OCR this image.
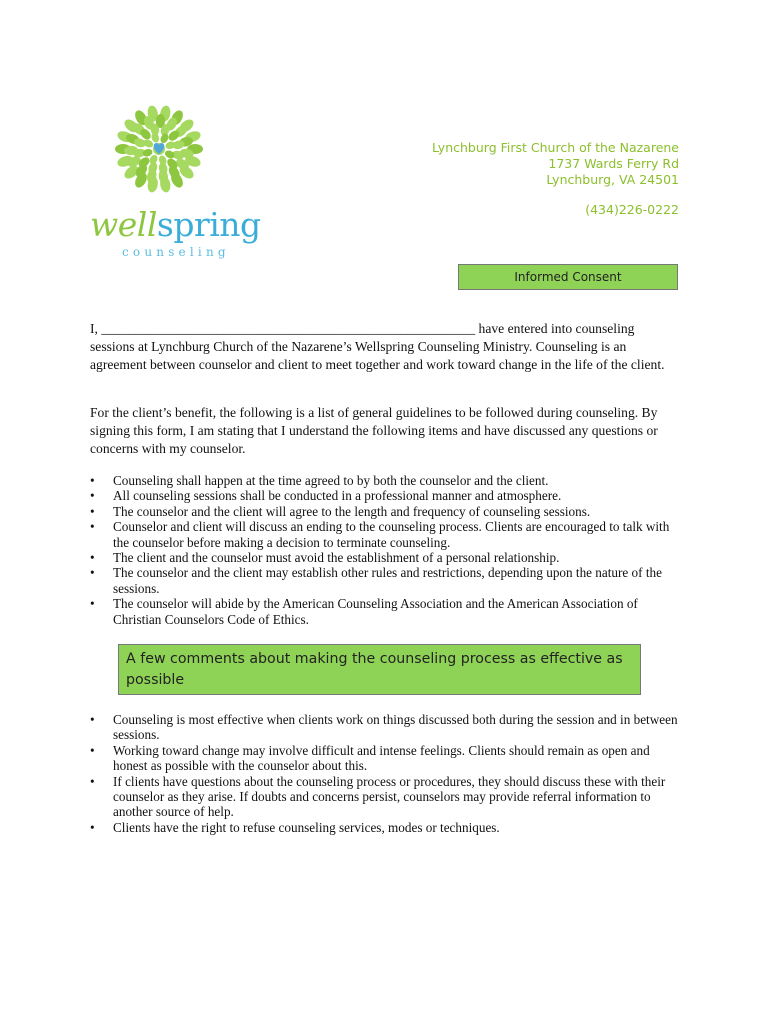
wellspring
counseling
Lynchburg First Church of the Nazarene
1737 Wards Ferry Rd
Lynchburg, VA 24501
(434)226-0222
Informed Consent
I, _______________________________________________________ have entered into counseling sessions at Lynchburg Church of the Nazarene’s Wellspring Counseling Ministry. Counseling is an agreement between counselor and client to meet together and work toward change in the life of the client.
For the client’s benefit, the following is a list of general guidelines to be followed during counseling. By signing this form, I am stating that I understand the following items and have discussed any questions or concerns with my counselor.
• Counseling shall happen at the time agreed to by both the counselor and the client.
• All counseling sessions shall be conducted in a professional manner and atmosphere.
• The counselor and the client will agree to the length and frequency of counseling sessions.
• Counselor and client will discuss an ending to the counseling process. Clients are encouraged to talk with the counselor before making a decision to terminate counseling.
• The client and the counselor must avoid the establishment of a personal relationship.
• The counselor and the client may establish other rules and restrictions, depending upon the nature of the sessions.
• The counselor will abide by the American Counseling Association and the American Association of Christian Counselors Code of Ethics.
A few comments about making the counseling process as effective as possible
• Counseling is most effective when clients work on things discussed both during the session and in between sessions.
• Working toward change may involve difficult and intense feelings. Clients should remain as open and honest as possible with the counselor about this.
• If clients have questions about the counseling process or procedures, they should discuss these with their counselor as they arise. If doubts and concerns persist, counselors may provide referral information to another source of help.
• Clients have the right to refuse counseling services, modes or techniques.
